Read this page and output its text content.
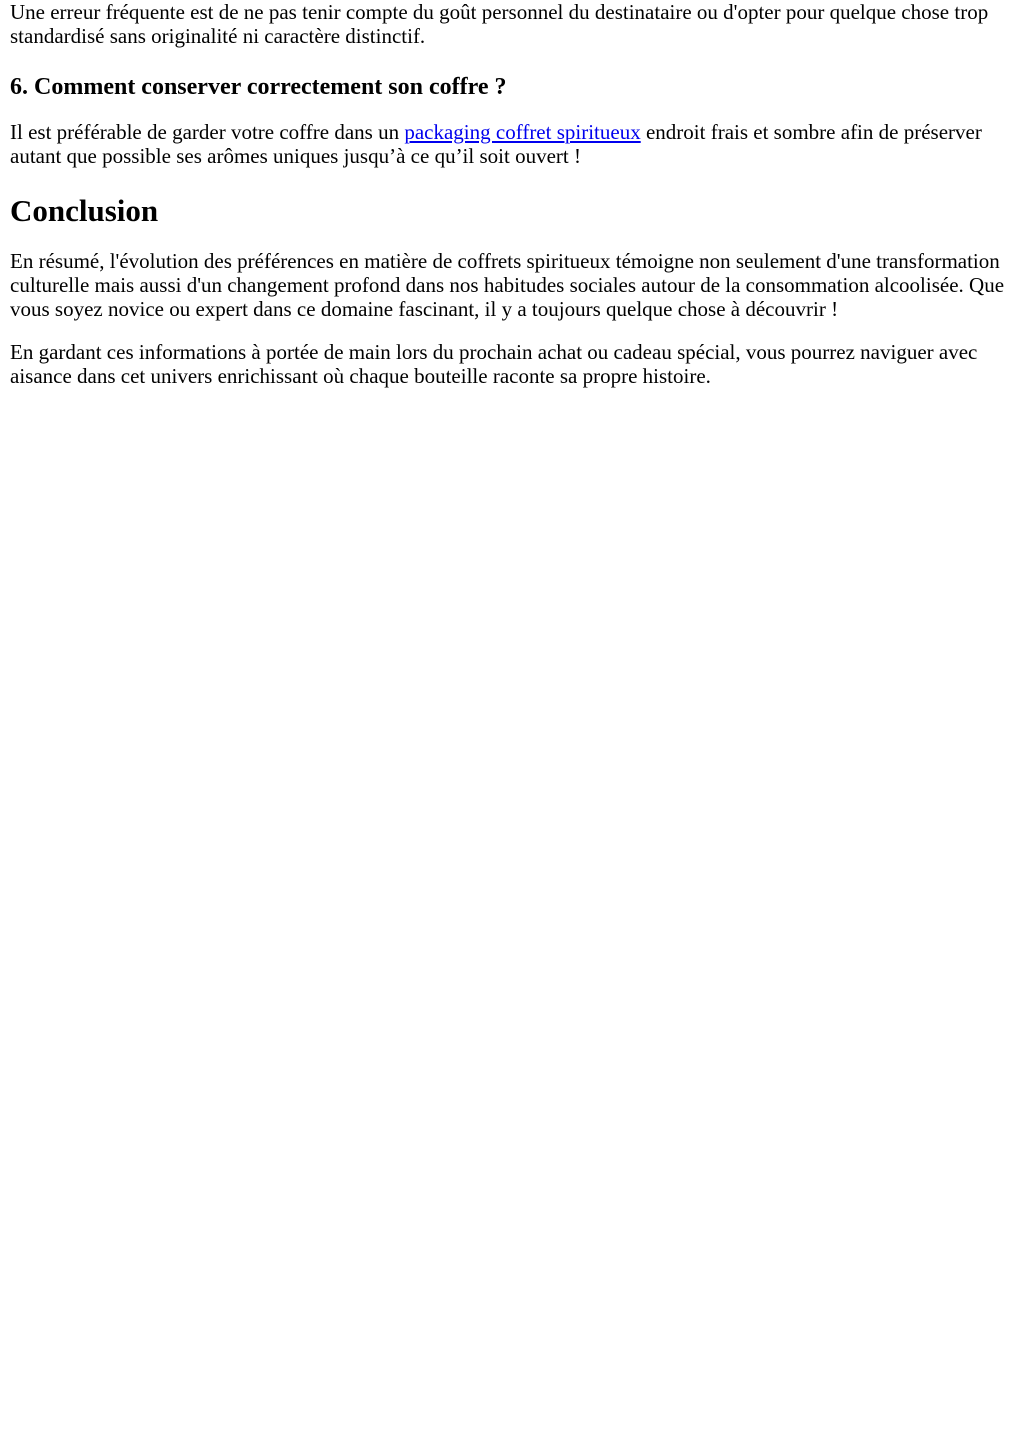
Une erreur fréquente est de ne pas tenir compte du goût personnel du destinataire ou d'opter pour quelque chose trop standardisé sans originalité ni caractère distinctif.

6. Comment conserver correctement son coffre ?

Il est préférable de garder votre coffre dans un packaging coffret spiritueux endroit frais et sombre afin de préserver autant que possible ses arômes uniques jusqu’à ce qu’il soit ouvert !

Conclusion

En résumé, l'évolution des préférences en matière de coffrets spiritueux témoigne non seulement d'une transformation culturelle mais aussi d'un changement profond dans nos habitudes sociales autour de la consommation alcoolisée. Que vous soyez novice ou expert dans ce domaine fascinant, il y a toujours quelque chose à découvrir !

En gardant ces informations à portée de main lors du prochain achat ou cadeau spécial, vous pourrez naviguer avec aisance dans cet univers enrichissant où chaque bouteille raconte sa propre histoire.
